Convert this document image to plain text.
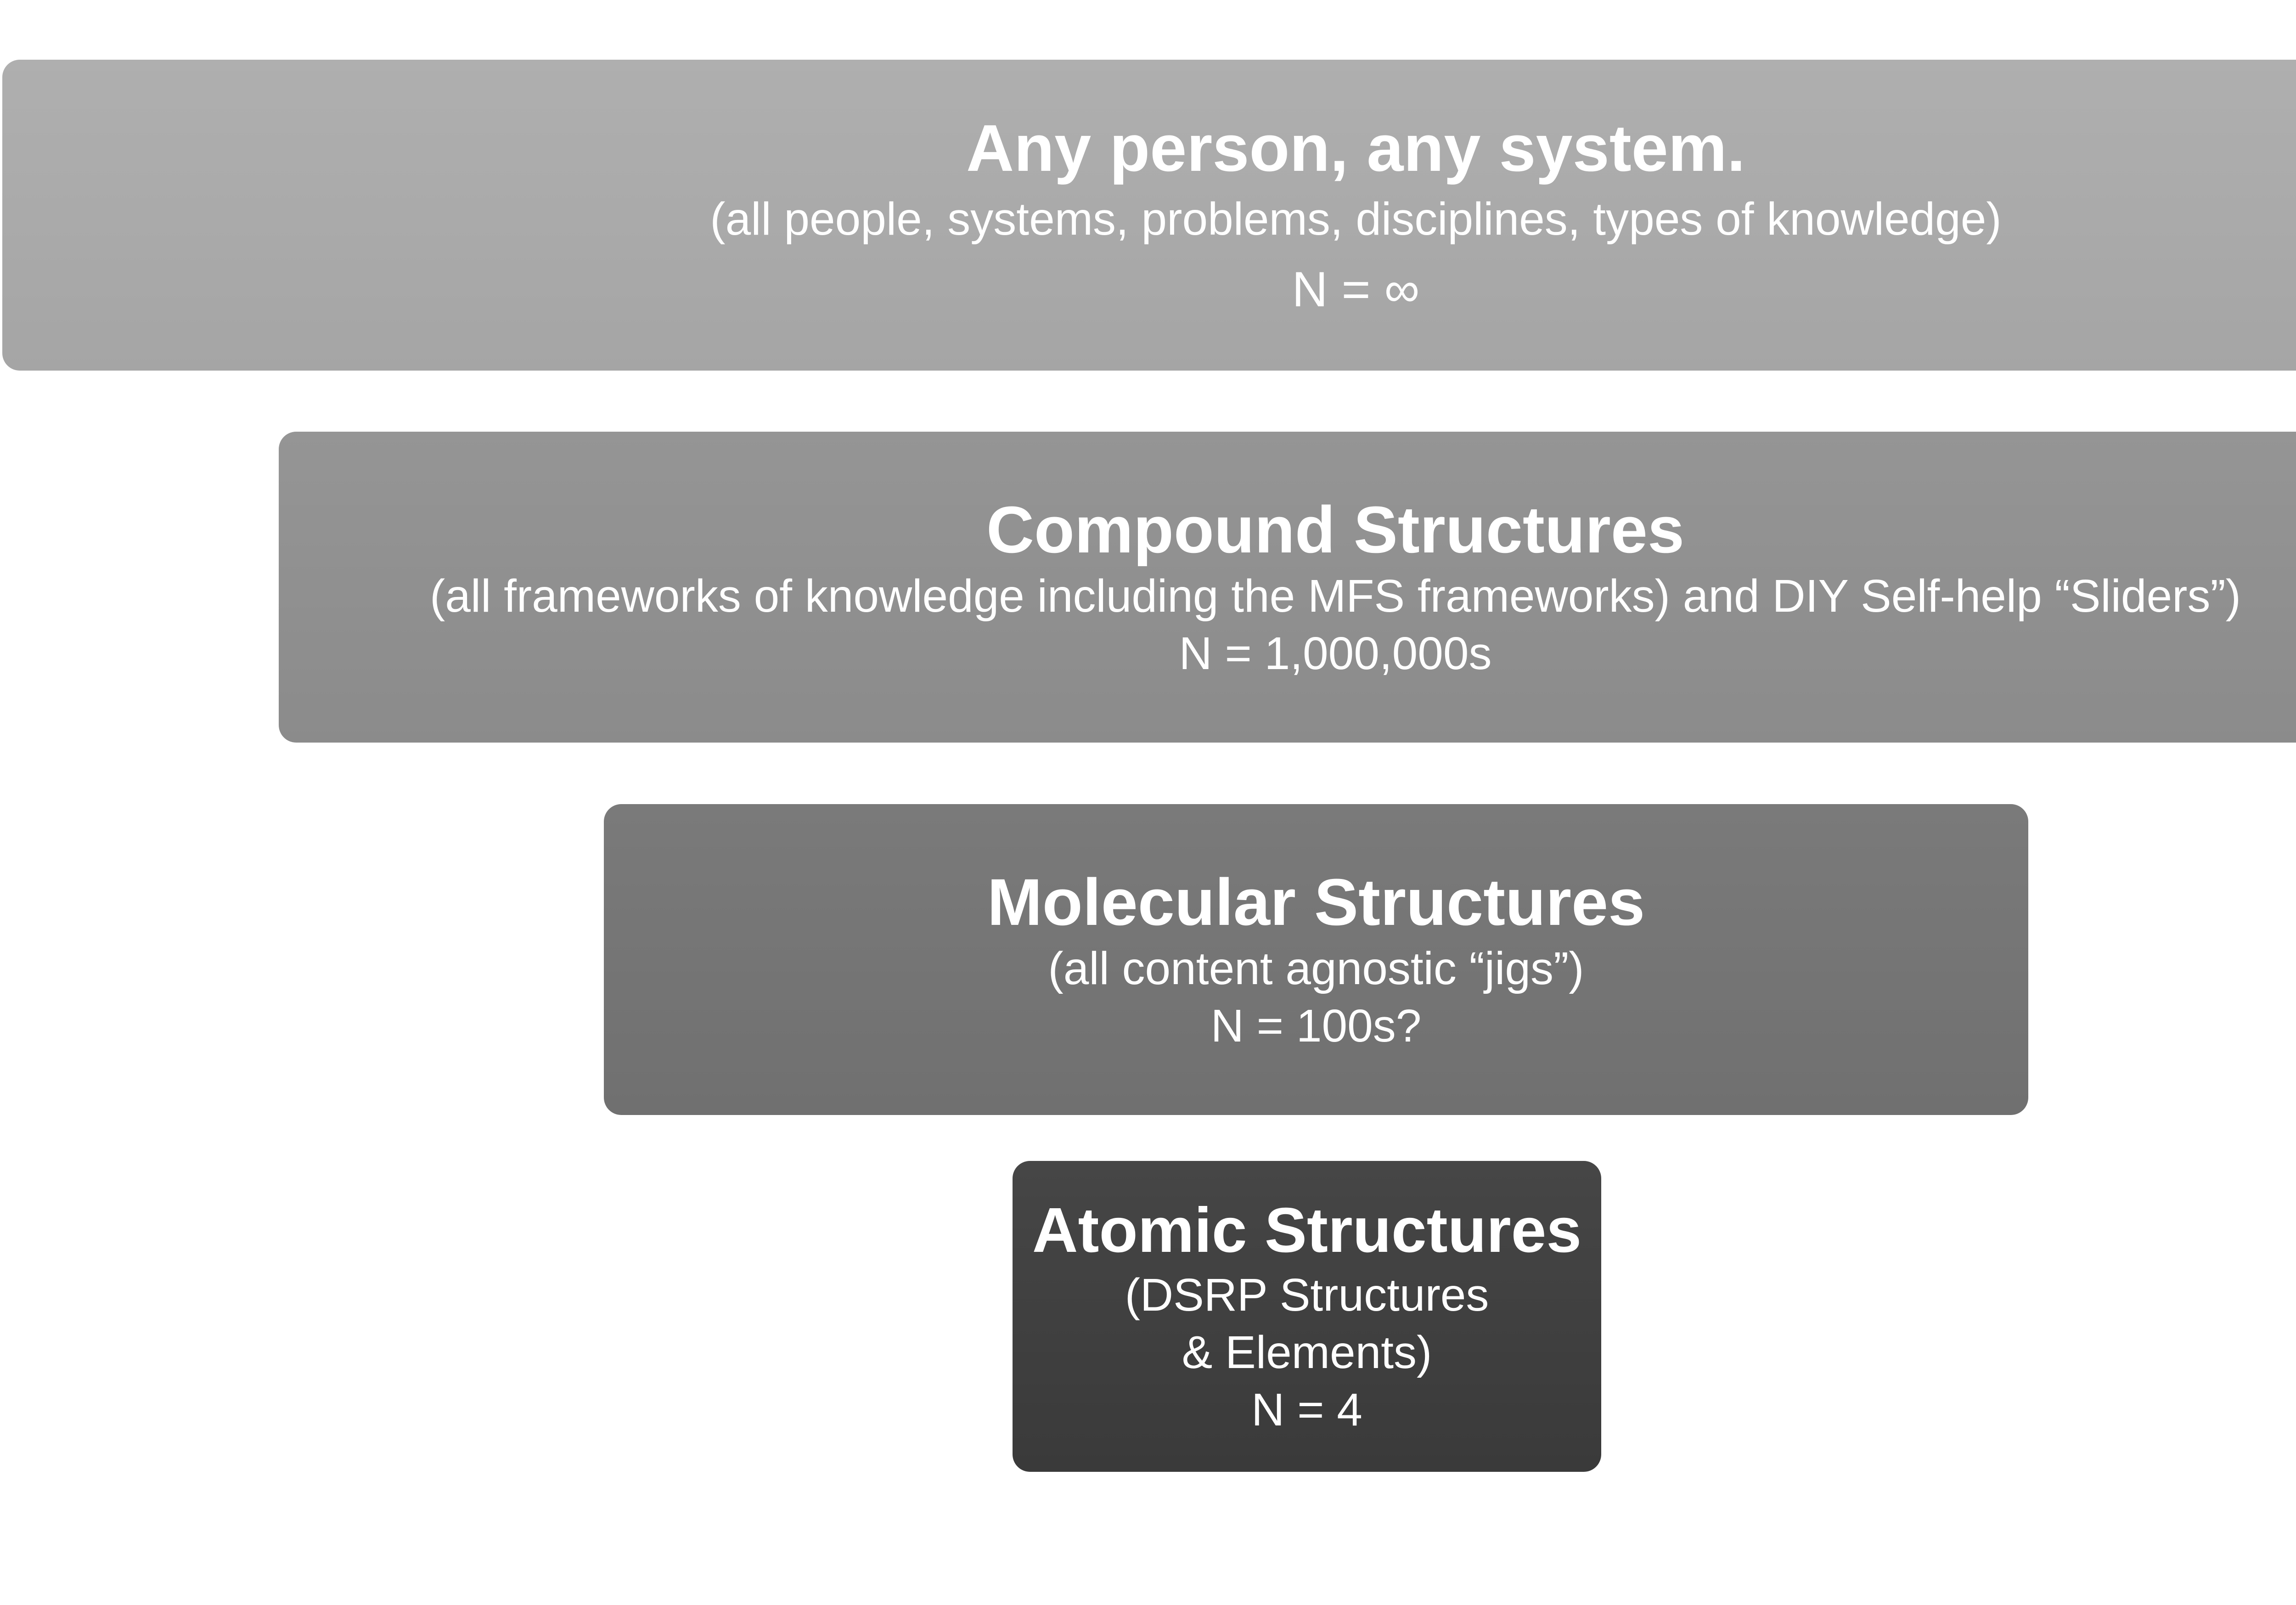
Any person, any system.
(all people, systems, problems, disciplines, types of knowledge)
N = ∞
Compound Structures
(all frameworks of knowledge including the MFS frameworks) and DIY Self-help “Sliders”)
N = 1,000,000s
Molecular Structures
(all content agnostic “jigs”)
N = 100s?
Atomic Structures
(DSRP Structures
& Elements)
N = 4
